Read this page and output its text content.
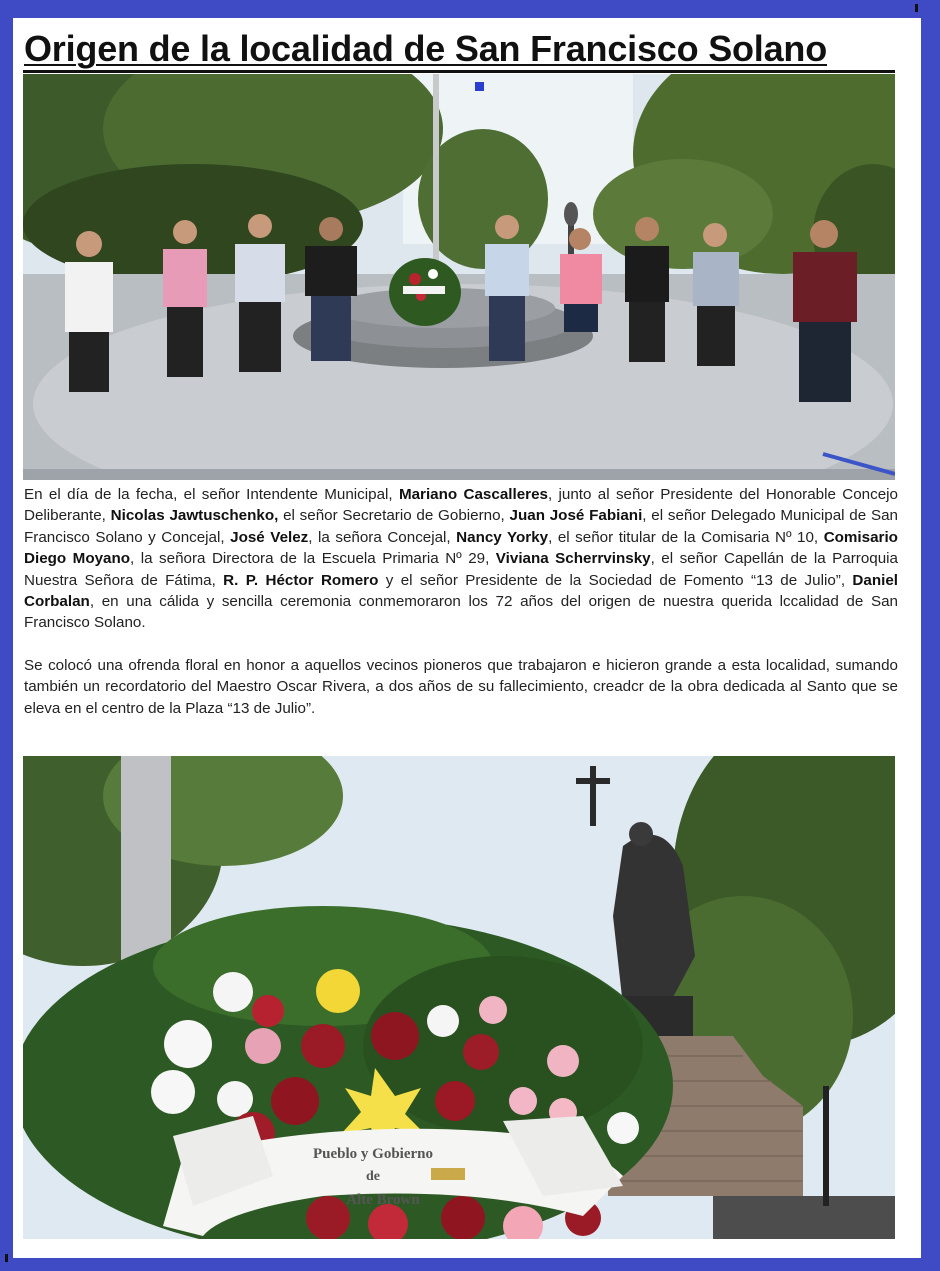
Origen de la localidad de San Francisco Solano

En el día de la fecha, el señor Intendente Municipal, Mariano Cascalleres, junto al señor Presidente del Honorable Concejo Deliberante, Nicolas Jawtuschenko, el señor Secretario de Gobierno, Juan José Fabiani, el señor Delegado Municipal de San Francisco Solano y Concejal, José Velez, la señora Concejal, Nancy Yorky, el señor titular de la Comisaria Nº 10, Comisario Diego Moyano, la señora Directora de la Escuela Primaria Nº 29, Viviana Scherrvinsky, el señor Capellán de la Parroquia Nuestra Señora de Fátima, R. P. Héctor Romero y el señor Presidente de la Sociedad de Fomento “13 de Julio”, Daniel Corbalan, en una cálida y sencilla ceremonia conmemoraron los 72 años del origen de nuestra querida lccalidad de San Francisco Solano.

Se colocó una ofrenda floral en honor a aquellos vecinos pioneros que trabajaron e hicieron grande a esta localidad, sumando también un recordatorio del Maestro Oscar Rivera, a dos años de su fallecimiento, creadcr de la obra dedicada al Santo que se eleva en el centro de la Plaza “13 de Julio”.

Pueblo y Gobierno
de
Alte Brown
